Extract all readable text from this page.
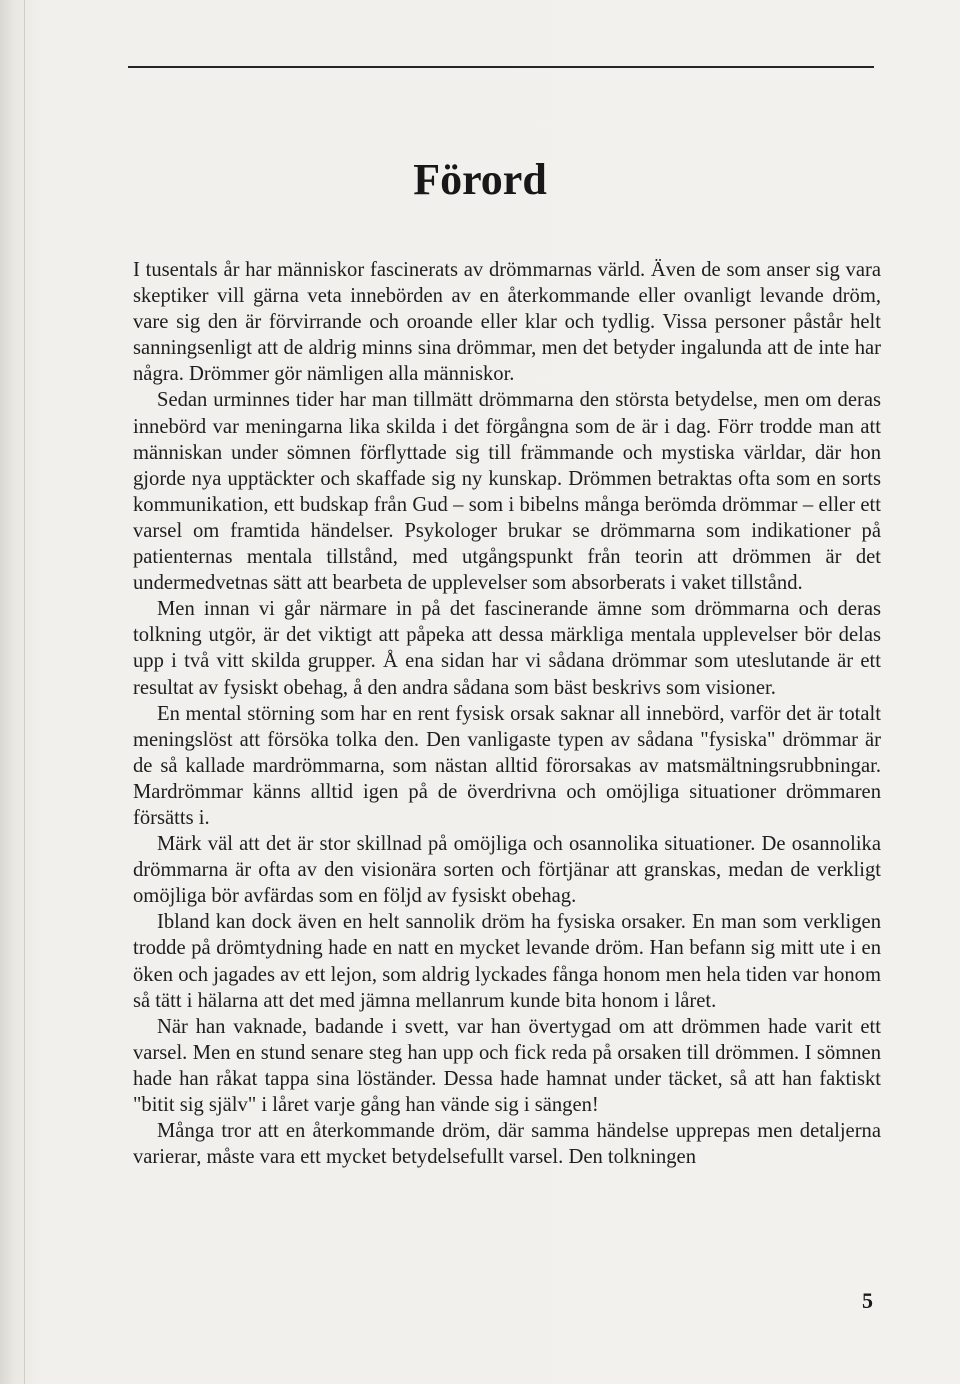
Förord

I tusentals år har människor fascinerats av drömmarnas värld. Även de som anser sig vara skeptiker vill gärna veta innebörden av en återkommande eller ovanligt levande dröm, vare sig den är förvirrande och oroande eller klar och tydlig. Vissa personer påstår helt sanningsenligt att de aldrig minns sina drömmar, men det betyder ingalunda att de inte har några. Drömmer gör nämligen alla människor.

Sedan urminnes tider har man tillmätt drömmarna den största betydelse, men om deras innebörd var meningarna lika skilda i det förgångna som de är i dag. Förr trodde man att människan under sömnen förflyttade sig till främmande och mystiska världar, där hon gjorde nya upptäckter och skaffade sig ny kunskap. Drömmen betraktas ofta som en sorts kommunikation, ett budskap från Gud – som i bibelns många berömda drömmar – eller ett varsel om framtida händelser. Psykologer brukar se drömmarna som indikationer på patienternas mentala tillstånd, med utgångspunkt från teorin att drömmen är det undermedvetnas sätt att bearbeta de upplevelser som absorberats i vaket tillstånd.

Men innan vi går närmare in på det fascinerande ämne som drömmarna och deras tolkning utgör, är det viktigt att påpeka att dessa märkliga mentala upplevelser bör delas upp i två vitt skilda grupper. Å ena sidan har vi sådana drömmar som uteslutande är ett resultat av fysiskt obehag, å den andra sådana som bäst beskrivs som visioner.

En mental störning som har en rent fysisk orsak saknar all innebörd, varför det är totalt meningslöst att försöka tolka den. Den vanligaste typen av sådana "fysiska" drömmar är de så kallade mardrömmarna, som nästan alltid förorsakas av matsmältningsrubbningar. Mardrömmar känns alltid igen på de överdrivna och omöjliga situationer drömmaren försätts i.

Märk väl att det är stor skillnad på omöjliga och osannolika situationer. De osannolika drömmarna är ofta av den visionära sorten och förtjänar att granskas, medan de verkligt omöjliga bör avfärdas som en följd av fysiskt obehag.

Ibland kan dock även en helt sannolik dröm ha fysiska orsaker. En man som verkligen trodde på drömtydning hade en natt en mycket levande dröm. Han befann sig mitt ute i en öken och jagades av ett lejon, som aldrig lyckades fånga honom men hela tiden var honom så tätt i hälarna att det med jämna mellanrum kunde bita honom i låret.

När han vaknade, badande i svett, var han övertygad om att drömmen hade varit ett varsel. Men en stund senare steg han upp och fick reda på orsaken till drömmen. I sömnen hade han råkat tappa sina löständer. Dessa hade hamnat under täcket, så att han faktiskt "bitit sig själv" i låret varje gång han vände sig i sängen!

Många tror att en återkommande dröm, där samma händelse upprepas men detaljerna varierar, måste vara ett mycket betydelsefullt varsel. Den tolkningen

5
